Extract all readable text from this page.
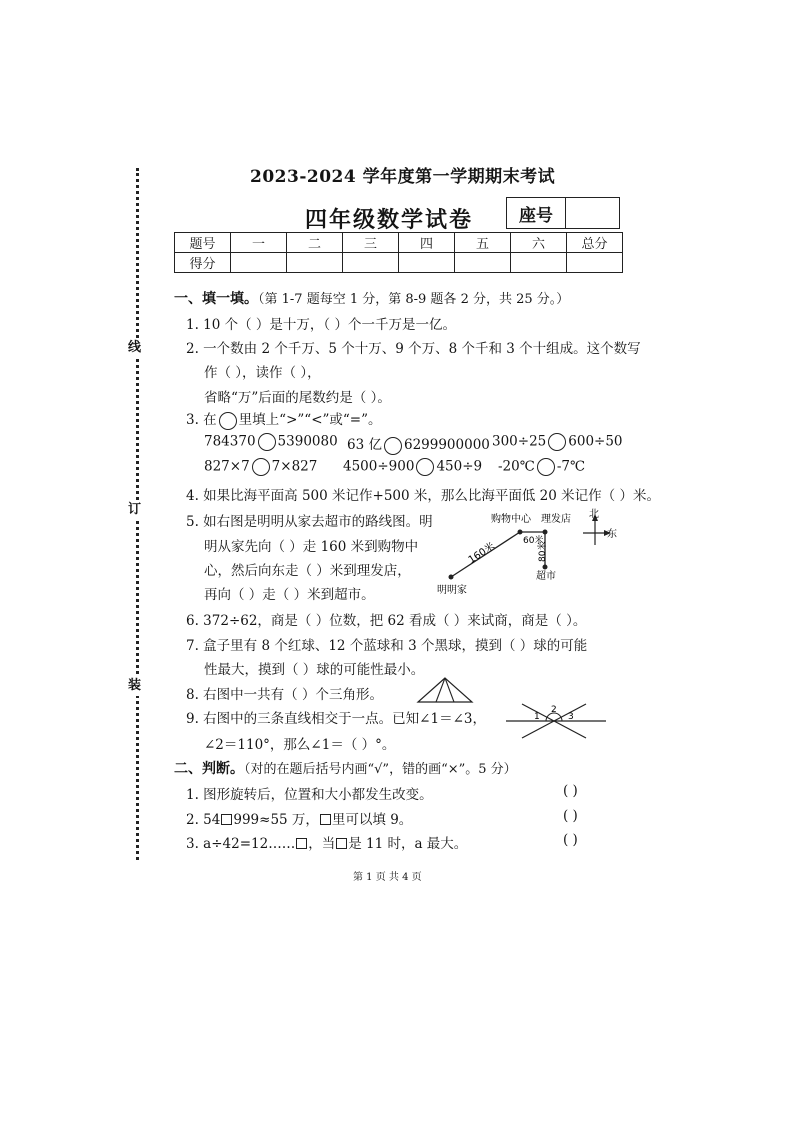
线
订
装
2023-2024 学年度第一学期期末考试
四年级数学试卷	座号
题号	一	二	三	四	五	六	总分
得分							
一、填一填。（第 1-7 题每空 1 分，第 8-9 题各 2 分，共 25 分。）
1. 10 个（ ）是十万，（ ）个一千万是一亿。
2. 一个数由 2 个千万、5 个十万、9 个万、8 个千和 3 个十组成。这个数写
作（ ），读作（ ），
省略“万”后面的尾数约是（ ）。
3. 在 里填上“>”“<”或“=”。
784370 5390080 63 亿 6299900000 300÷25 600÷50
827×7 7×827 4500÷900 450÷9 -20℃ -7℃
4. 如果比海平面高 500 米记作+500 米，那么比海平面低 20 米记作（ ）米。
5. 如右图是明明从家去超市的路线图。明
明从家先向（ ）走 160 米到购物中
心，然后向东走（ ）米到理发店，
再向（ ）走（ ）米到超市。
购物中心 理发店
明明家
超市
160米	60米
80米
北
东
6. 372÷62，商是（ ）位数，把 62 看成（ ）来试商，商是（ ）。
7. 盒子里有 8 个红球、12 个蓝球和 3 个黑球，摸到（ ）球的可能
性最大，摸到（ ）球的可能性最小。
8. 右图中一共有（ ）个三角形。
9. 右图中的三条直线相交于一点。已知∠1＝∠3，
∠2＝110°，那么∠1＝（ ）°。
1
2
3
二、判断。（对的在题后括号内画“√”，错的画“×”。5 分）
1. 图形旋转后，位置和大小都发生改变。	( )
2. 54 999≈55 万， 里可以填 9。	( )
3. a÷42=12…… ，当 是 11 时，a 最大。	( )
第 1 页 共 4 页
